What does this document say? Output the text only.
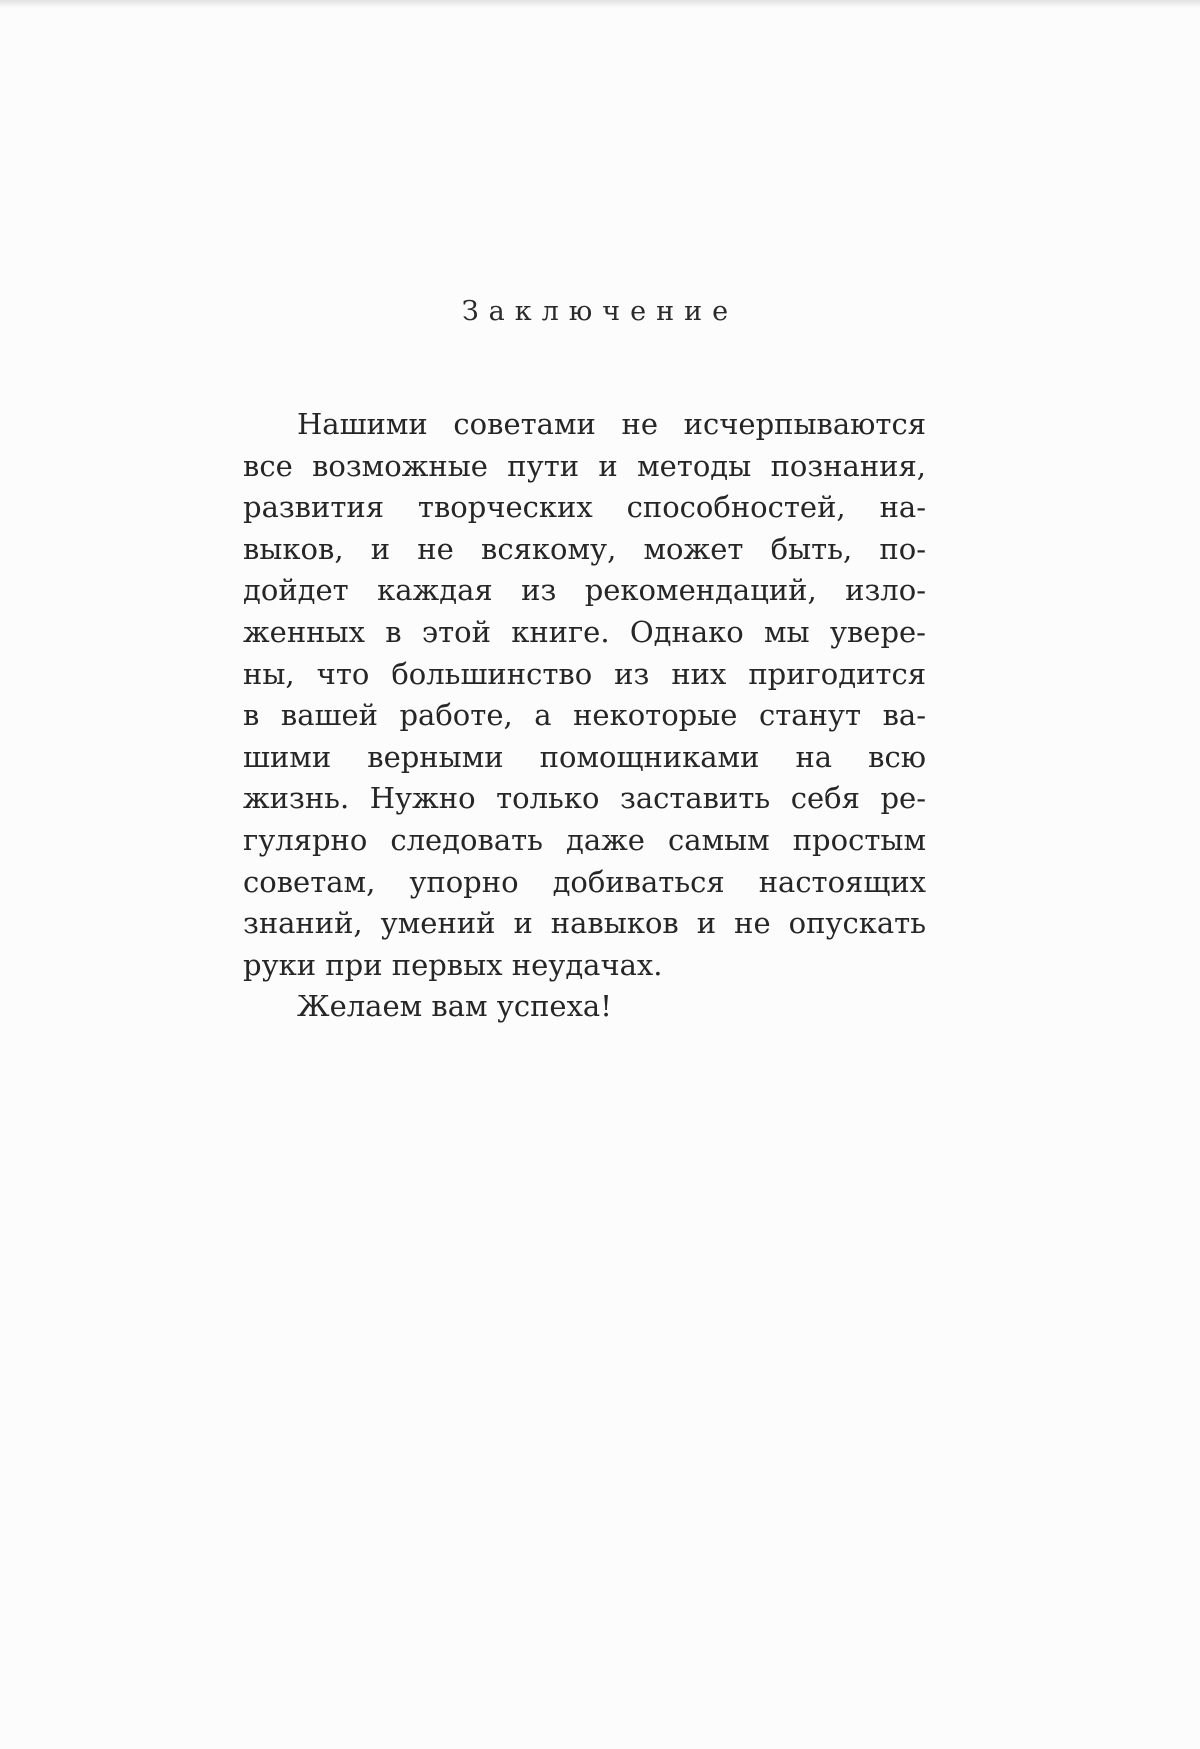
Заключение
Нашими советами не исчерпываются
все возможные пути и методы познания,
развития творческих способностей, на-
выков, и не всякому, может быть, по-
дойдет каждая из рекомендаций, изло-
женных в этой книге. Однако мы увере-
ны, что большинство из них пригодится
в вашей работе, а некоторые станут ва-
шими верными помощниками на всю
жизнь. Нужно только заставить себя ре-
гулярно следовать даже самым простым
советам, упорно добиваться настоящих
знаний, умений и навыков и не опускать
руки при первых неудачах.
Желаем вам успеха!
